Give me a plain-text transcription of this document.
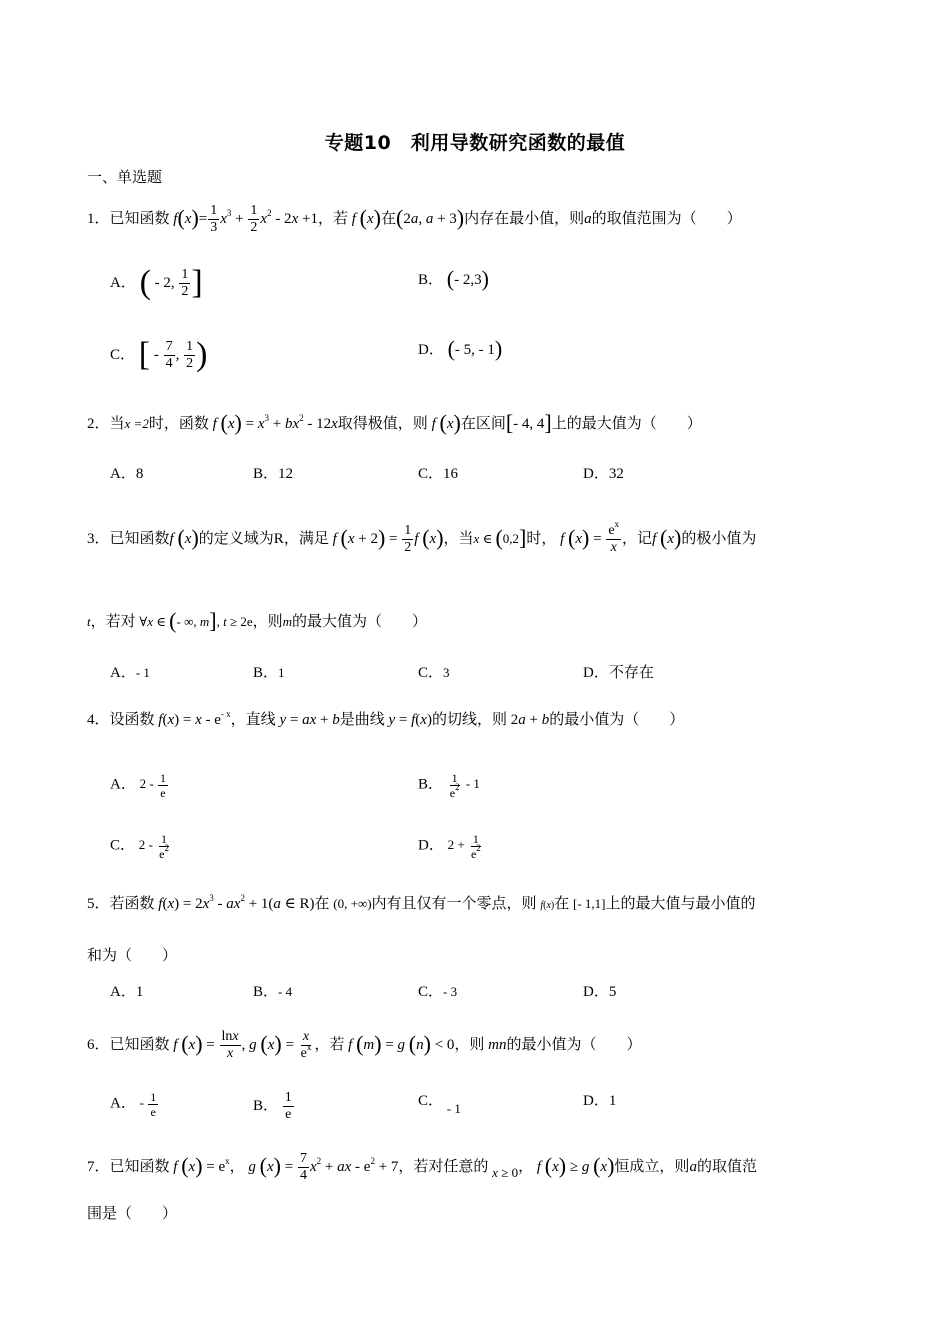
专题10　利用导数研究函数的最值
一、单选题
1．已知函数 $f(x)= \frac{1}{3} x^3 + \frac{1}{2} x^2 - 2x +1$，若 f (x)在(2a, a + 3)内存在最小值，则a的取值范围为（　　）
A． ( - 2, $\frac{1}{2}$ ]	B． (- 2,3)
C． [ - $\frac{7}{4}$ , $\frac{1}{2}$ )	D． (- 5, - 1)
2．当x =2时，函数 f $(x) = x^3 + bx^2 - 12x$取得极值，则 f (x)在区间[- 4, 4]上的最大值为（　　）
A．8	B．12	C．16	D．32
3．已知函数f (x)的定义域为R，满足 f $(x + 2) = \frac{1}{2}$ f (x)，当x ∈ (0,2]时， f $(x) = \frac{e^x}{x}$ ，记f (x)的极小值为
t，若对 ∀x ∈ (- ∞, m], t ≥ 2e，则m的最大值为（　　）
A．- 1	B．1	C．3	D．不存在
4．设函数 $f(x) = x - e^{- x}$，直线 y = ax + b是曲线 y = f(x)的切线，则 2a + b的最小值为（　　）
A． $2 - \frac{1}{e}$	B． $\frac{1}{e^2} - 1$
C． $2 - \frac{1}{e^2}$	D． $2 + \frac{1}{e^2}$
5．若函数 $f(x) = 2x^3 - ax^2 + 1(a$ ∈ R)在 (0, +∞)内有且仅有一个零点，则 f(x)在 [- 1,1]上的最大值与最小值的
和为（　　）
A．1	B．- 4	C．- 3	D．5
6．已知函数 f $(x) = \frac{\ln x}{x}$ , g $(x) = \frac{x}{e^x}$ ，若 f (m) = g (n) < 0，则 mn的最小值为（　　）
A． - $\frac{1}{e}$	B． $\frac{1}{e}$	C． - 1	D．1
7．已知函数 f $(x) = e^x$， g $(x) = \frac{7}{4} x^2$ + ax - $e^2 + 7$，若对任意的 x ≥ 0， f (x) ≥ g (x)恒成立，则a的取值范
围是（　　）
